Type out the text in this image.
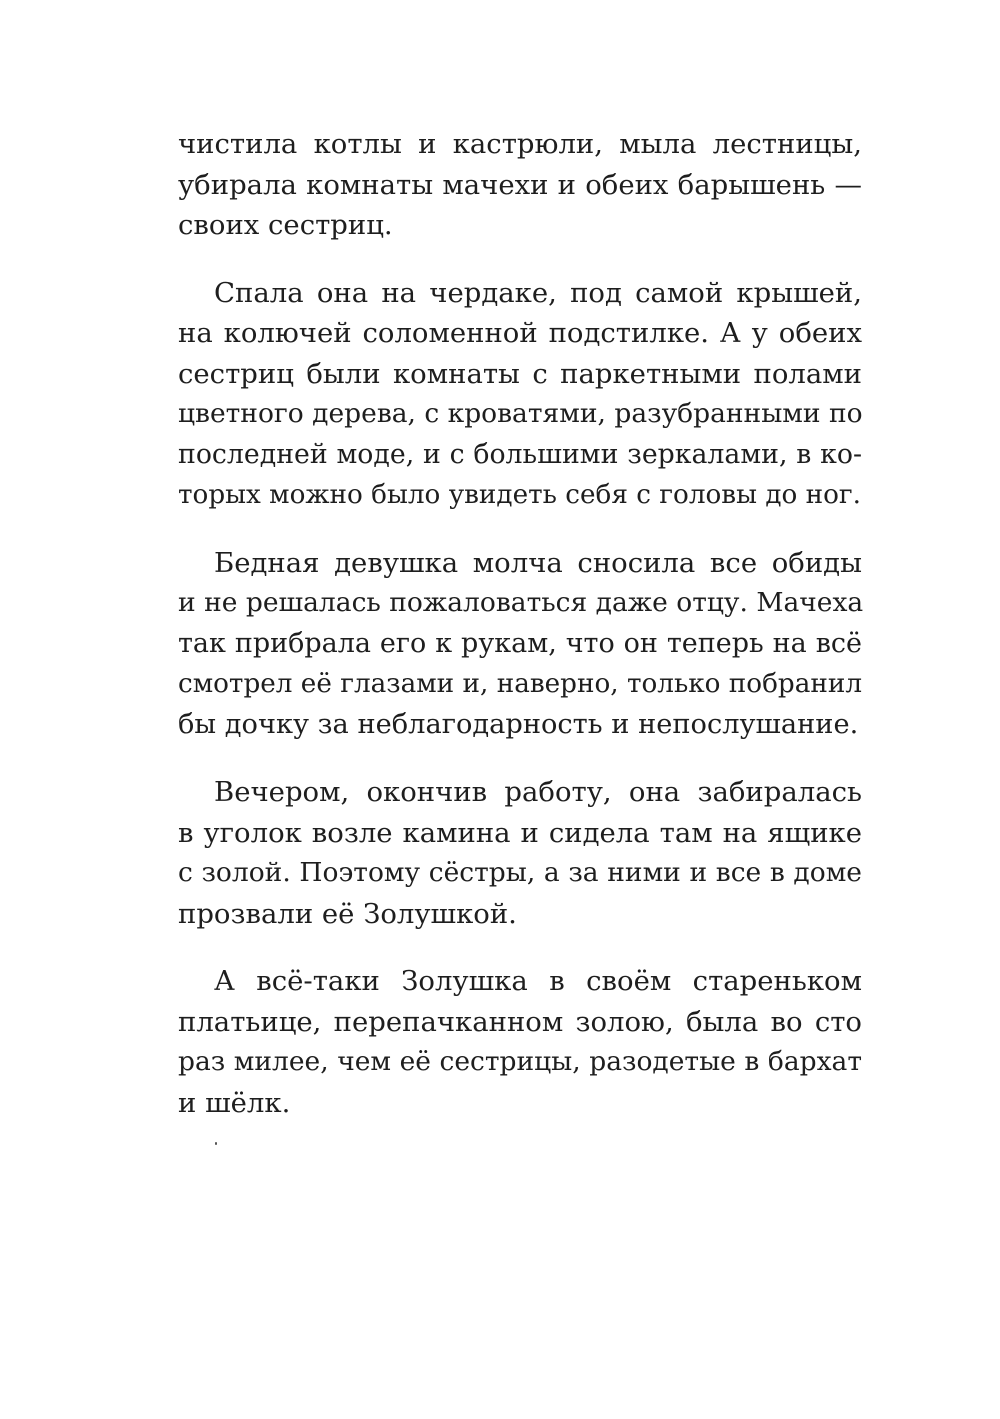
чистила котлы и кастрюли, мыла лестницы,
убирала комнаты мачехи и обеих барышень —
своих сестриц.
Спала она на чердаке, под самой крышей,
на колючей соломенной подстилке. А у обеих
сестриц были комнаты с паркетными полами
цветного дерева, с кроватями, разубранными по
последней моде, и с большими зеркалами, в ко-
торых можно было увидеть себя с головы до ног.
Бедная девушка молча сносила все обиды
и не решалась пожаловаться даже отцу. Мачеха
так прибрала его к рукам, что он теперь на всё
смотрел её глазами и, наверно, только побранил
бы дочку за неблагодарность и непослушание.
Вечером, окончив работу, она забиралась
в уголок возле камина и сидела там на ящике
с золой. Поэтому сёстры, а за ними и все в доме
прозвали её Золушкой.
А всё-таки Золушка в своём стареньком
платьице, перепачканном золою, была во сто
раз милее, чем её сестрицы, разодетые в бархат
и шёлк.
